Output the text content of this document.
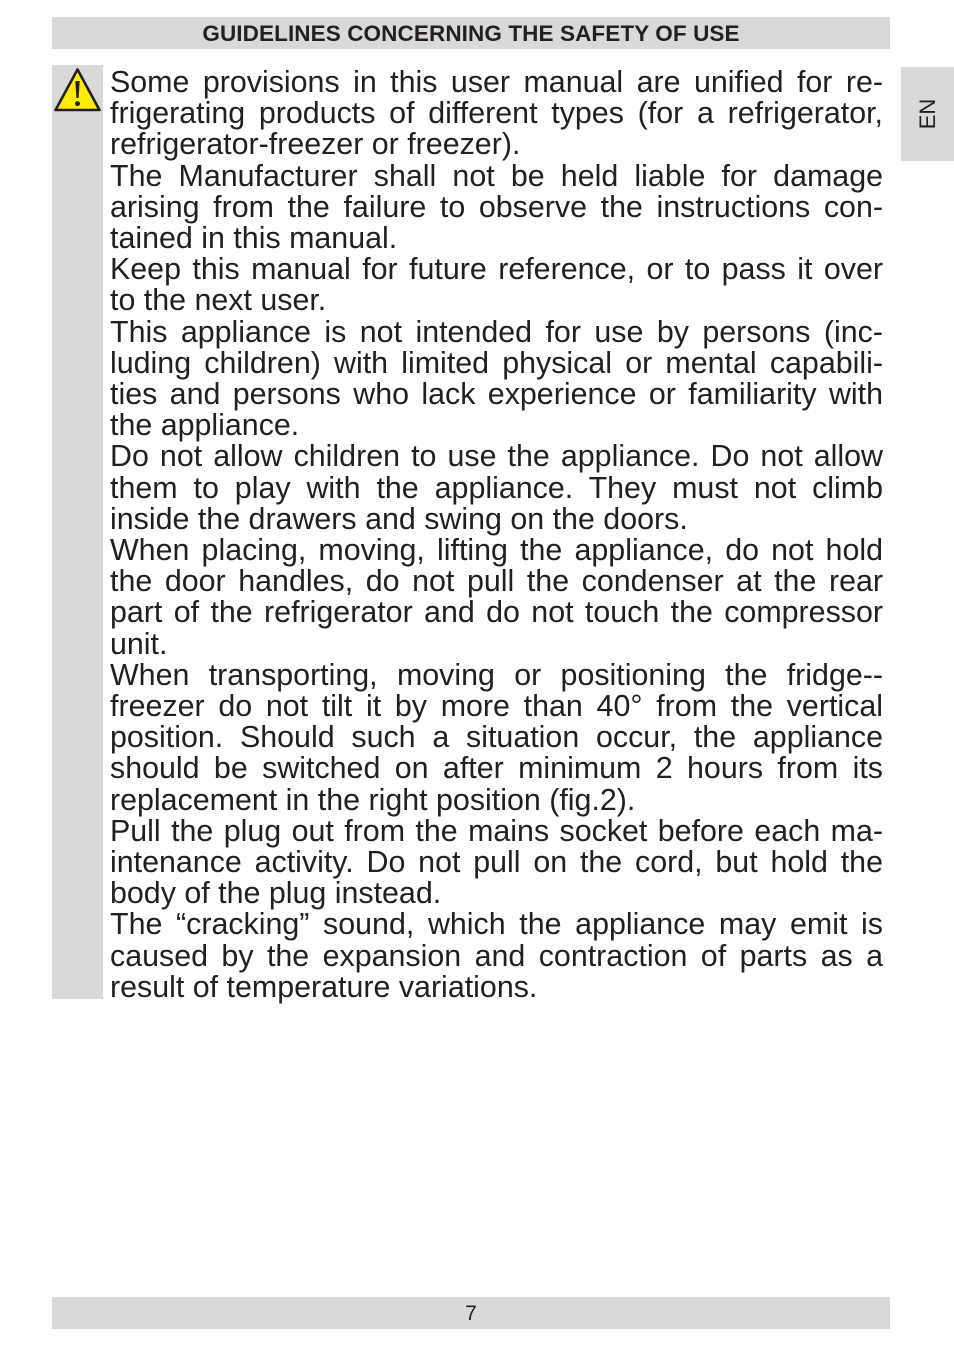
GUIDELINES CONCERNING THE SAFETY OF USE
EN

Some provisions in this user manual are unified for re-frigerating products of different types (for a refrigerator, refrigerator-freezer or freezer).

The Manufacturer shall not be held liable for damage arising from the failure to observe the instructions con-tained in this manual.

Keep this manual for future reference, or to pass it over to the next user.

This appliance is not intended for use by persons (inc-luding children) with limited physical or mental capabili-ties and persons who lack experience or familiarity with the appliance.

Do not allow children to use the appliance. Do not allow them to play with the appliance. They must not climb inside the drawers and swing on the doors.

When placing, moving, lifting the appliance, do not hold the door handles, do not pull the condenser at the rear part of the refrigerator and do not touch the compressor unit.

When transporting, moving or positioning the fridge--freezer do not tilt it by more than 40° from the vertical position. Should such a situation occur, the appliance should be switched on after minimum 2 hours from its replacement in the right position (fig.2).

Pull the plug out from the mains socket before each ma-intenance activity. Do not pull on the cord, but hold the body of the plug instead.

The “cracking” sound, which the appliance may emit is caused by the expansion and contraction of parts as a result of temperature variations.

7
